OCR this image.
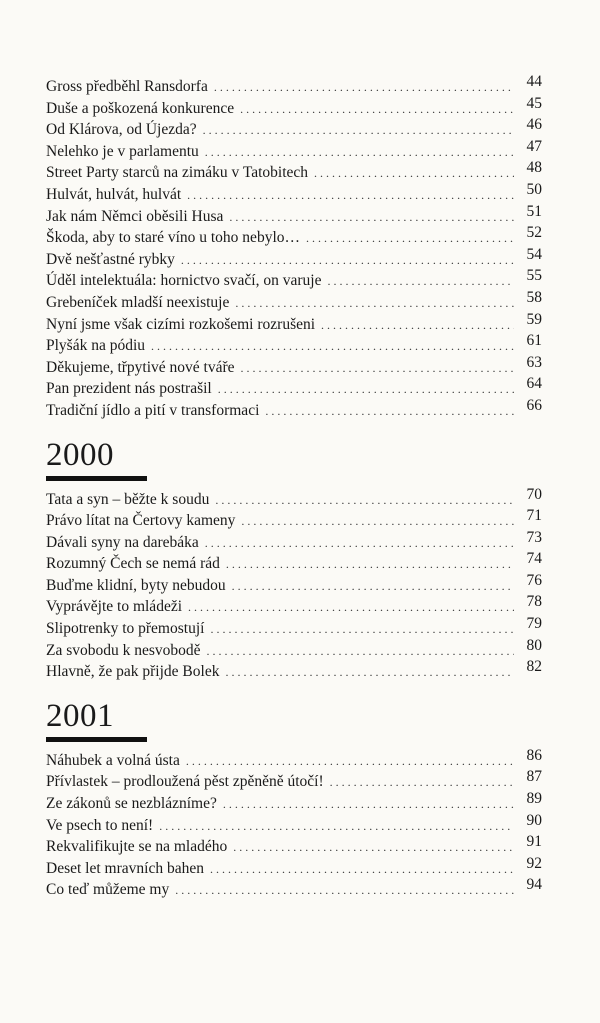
Gross předběhl Ransdorfa . . .	44
Duše a poškozená konkurence . . .	45
Od Klárova, od Újezda? . . .	46
Nelehko je v parlamentu . . .	47
Street Party starců na zimáku v Tatobitech . . .	48
Hulvát, hulvát, hulvát . . .	50
Jak nám Němci oběsili Husa . . .	51
Škoda, aby to staré víno u toho nebylo… . . .	52
Dvě nešťastné rybky . . .	54
Úděl intelektuála: hornictvo svačí, on varuje . . .	55
Grebeníček mladší neexistuje . . .	58
Nyní jsme však cizími rozkošemi rozrušeni . . .	59
Plyšák na pódiu . . .	61
Děkujeme, třpytivé nové tváře . . .	63
Pan prezident nás postrašil . . .	64
Tradiční jídlo a pití v transformaci . . .	66
2000
Tata a syn – běžte k soudu . . .	70
Právo lítat na Čertovy kameny . . .	71
Dávali syny na darebáka . . .	73
Rozumný Čech se nemá rád . . .	74
Buďme klidní, byty nebudou . . .	76
Vyprávějte to mládeži . . .	78
Slipotrenky to přemostují . . .	79
Za svobodu k nesvobodě . . .	80
Hlavně, že pak přijde Bolek . . .	82
2001
Náhubek a volná ústa . . .	86
Přívlastek – prodloužená pěst zpěněně útočí! . . .	87
Ze zákonů se nezblázníme? . . .	89
Ve psech to není! . . .	90
Rekvalifikujte se na mladého . . .	91
Deset let mravních bahen . . .	92
Co teď můžeme my . . .	94
